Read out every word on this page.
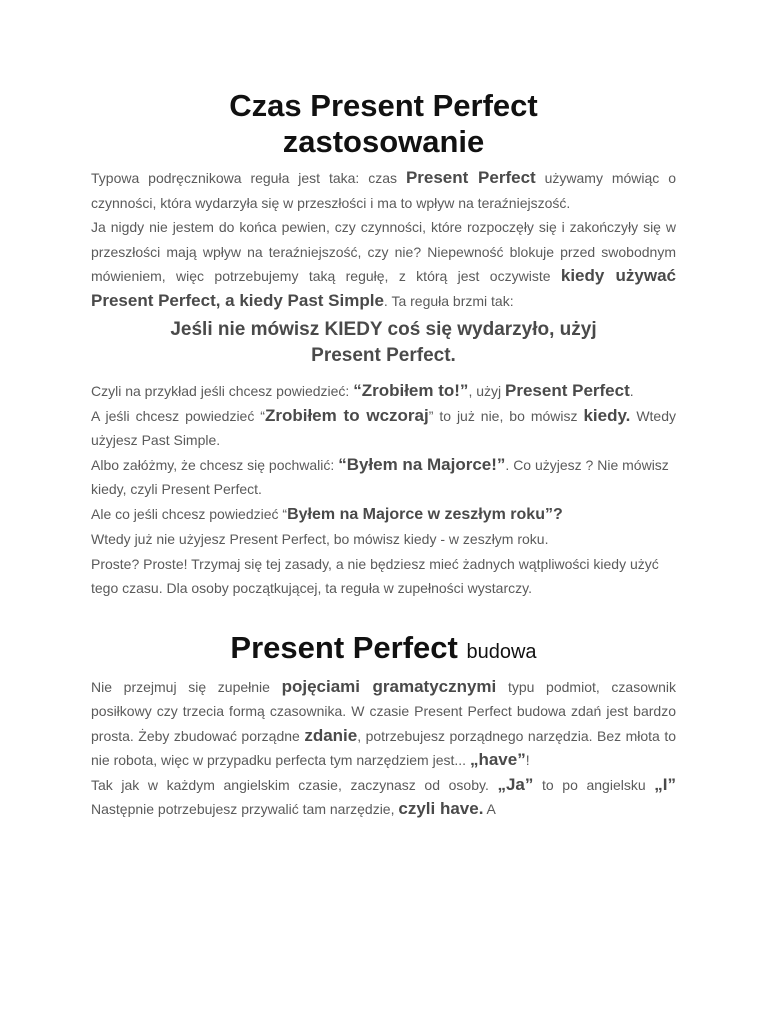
Czas Present Perfect
zastosowanie

Typowa podręcznikowa reguła jest taka: czas Present Perfect używamy mówiąc o czynności, która wydarzyła się w przeszłości i ma to wpływ na teraźniejszość.

Ja nigdy nie jestem do końca pewien, czy czynności, które rozpoczęły się i zakończyły się w przeszłości mają wpływ na teraźniejszość, czy nie? Niepewność blokuje przed swobodnym mówieniem, więc potrzebujemy taką regułę, z którą jest oczywiste kiedy używać Present Perfect, a kiedy Past Simple. Ta reguła brzmi tak:

Jeśli nie mówisz KIEDY coś się wydarzyło, użyj
Present Perfect.

Czyli na przykład jeśli chcesz powiedzieć: “Zrobiłem to!”, użyj Present Perfect.

A jeśli chcesz powiedzieć “Zrobiłem to wczoraj” to już nie, bo mówisz kiedy. Wtedy użyjesz Past Simple.

Albo załóżmy, że chcesz się pochwalić: “Byłem na Majorce!”. Co użyjesz ? Nie mówisz kiedy, czyli Present Perfect.

Ale co jeśli chcesz powiedzieć “Byłem na Majorce w zeszłym roku”?

Wtedy już nie użyjesz Present Perfect, bo mówisz kiedy - w zeszłym roku.

Proste? Proste! Trzymaj się tej zasady, a nie będziesz mieć żadnych wątpliwości kiedy użyć tego czasu. Dla osoby początkującej, ta reguła w zupełności wystarczy.

Present Perfect budowa

Nie przejmuj się zupełnie pojęciami gramatycznymi typu podmiot, czasownik posiłkowy czy trzecia formą czasownika. W czasie Present Perfect budowa zdań jest bardzo prosta. Żeby zbudować porządne zdanie, potrzebujesz porządnego narzędzia. Bez młota to nie robota, więc w przypadku perfecta tym narzędziem jest... „have”!

Tak jak w każdym angielskim czasie, zaczynasz od osoby. „Ja” to po angielsku „I” Następnie potrzebujesz przywalić tam narzędzie, czyli have. A
